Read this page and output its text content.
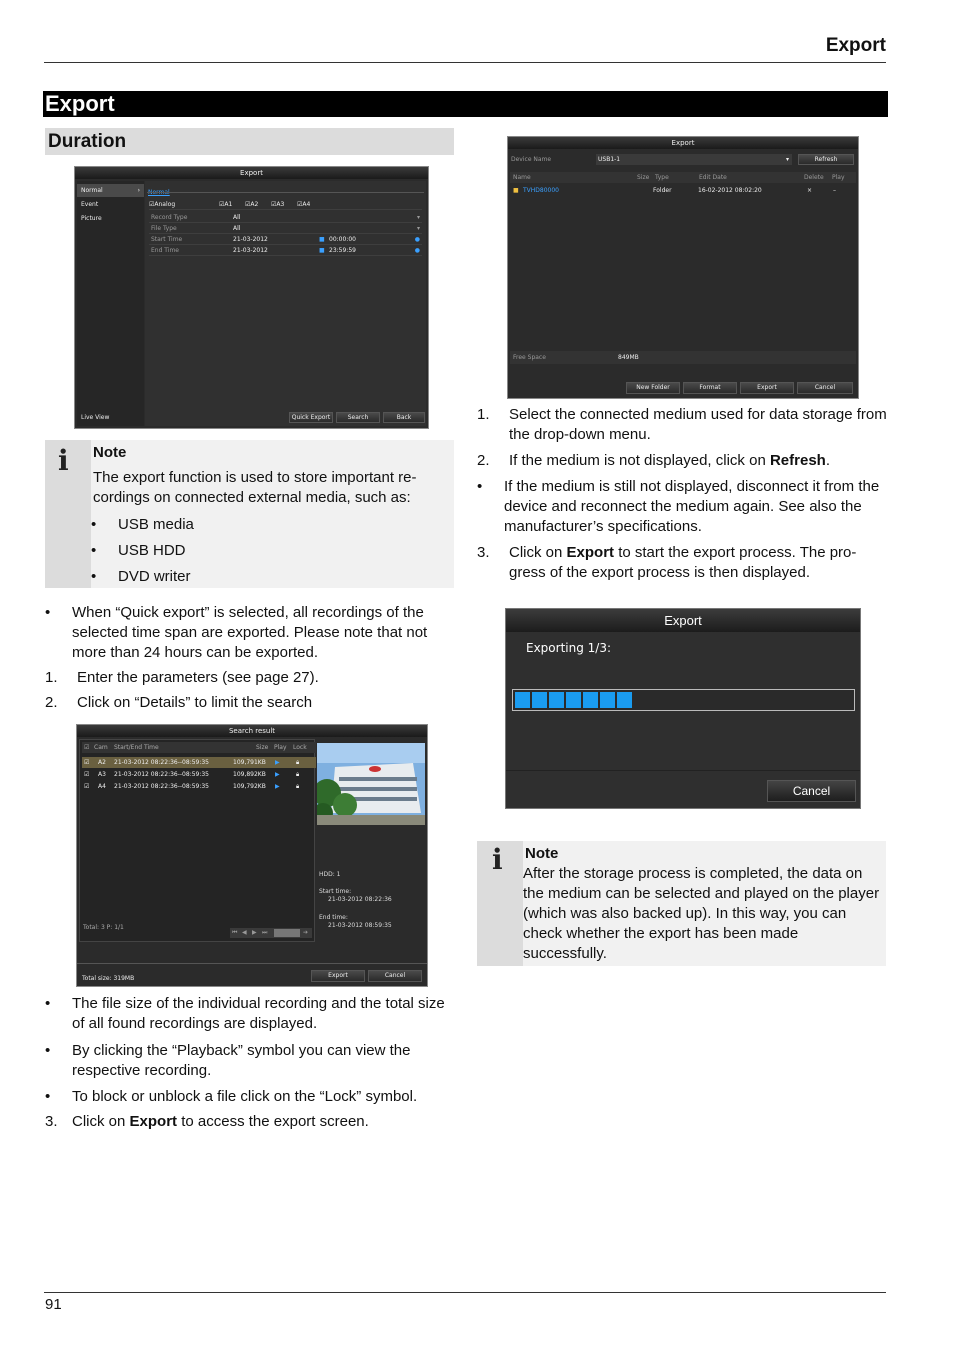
Export
Export
Duration
Export
Normal	›
Event
Picture
Live View
☑ Analog	☑ A1 ☑ A2 ☑ A3 ☑ A4
Record Type	All	▾
File Type	All	▾
Start Time	21-03-2012	■ 00:00:00	●
End Time	21-03-2012	■ 23:59:59	●
Quick Export	Search	Back
i Note
The export function is used to store important re-cordings on connected external media, such as:
• USB media
• USB HDD
• DVD writer
• When “Quick export” is selected, all recordings of the selected time span are exported. Please note that not more than 24 hours can be exported.
1. Enter the parameters (see page 27).
2. Click on “Details” to limit the search
Search result
☑ Cam Start/End Time	Size Play Lock
☑ A2 21-03-2012 08:22:36--08:59:35	109,791KB ▶	🔒︎
☑ A3 21-03-2012 08:22:36--08:59:35	109,892KB ▶	🔒︎
☑ A4 21-03-2012 08:22:36--08:59:35	109,792KB ▶	🔒︎
Total: 3 P: 1/1
⏮ ◀ ▶ ⏭	➔
HDD: 1
Start time:
21-03-2012 08:22:36
End time:
21-03-2012 08:59:35
Total size: 319MB	Export	Cancel
• The file size of the individual recording and the total size of all found recordings are displayed.
• By clicking the “Playback” symbol you can view the respective recording.
• To block or unblock a file click on the “Lock” symbol.
3. Click on Export to access the export screen.
Export
Device Name	USB1-1	▾	Refresh
Name	Size Type	Edit Date	Delete Play
■ TVHD80000	Folder	16-02-2012 08:02:20	×	–
Free Space	849MB
New Folder	Format	Export	Cancel
1. Select the connected medium used for data storage from the drop-down menu.
2. If the medium is not displayed, click on Refresh.
• If the medium is still not displayed, disconnect it from the device and reconnect the medium again. See also the manufacturer’s specifications.
3. Click on Export to start the export process. The pro-gress of the export process is then displayed.
Export
Exporting 1/3:
Cancel
i Note
After the storage process is completed, the data on the medium can be selected and played on the player (which was also backed up). In this way, you can check whether the export has been made successfully.
91
